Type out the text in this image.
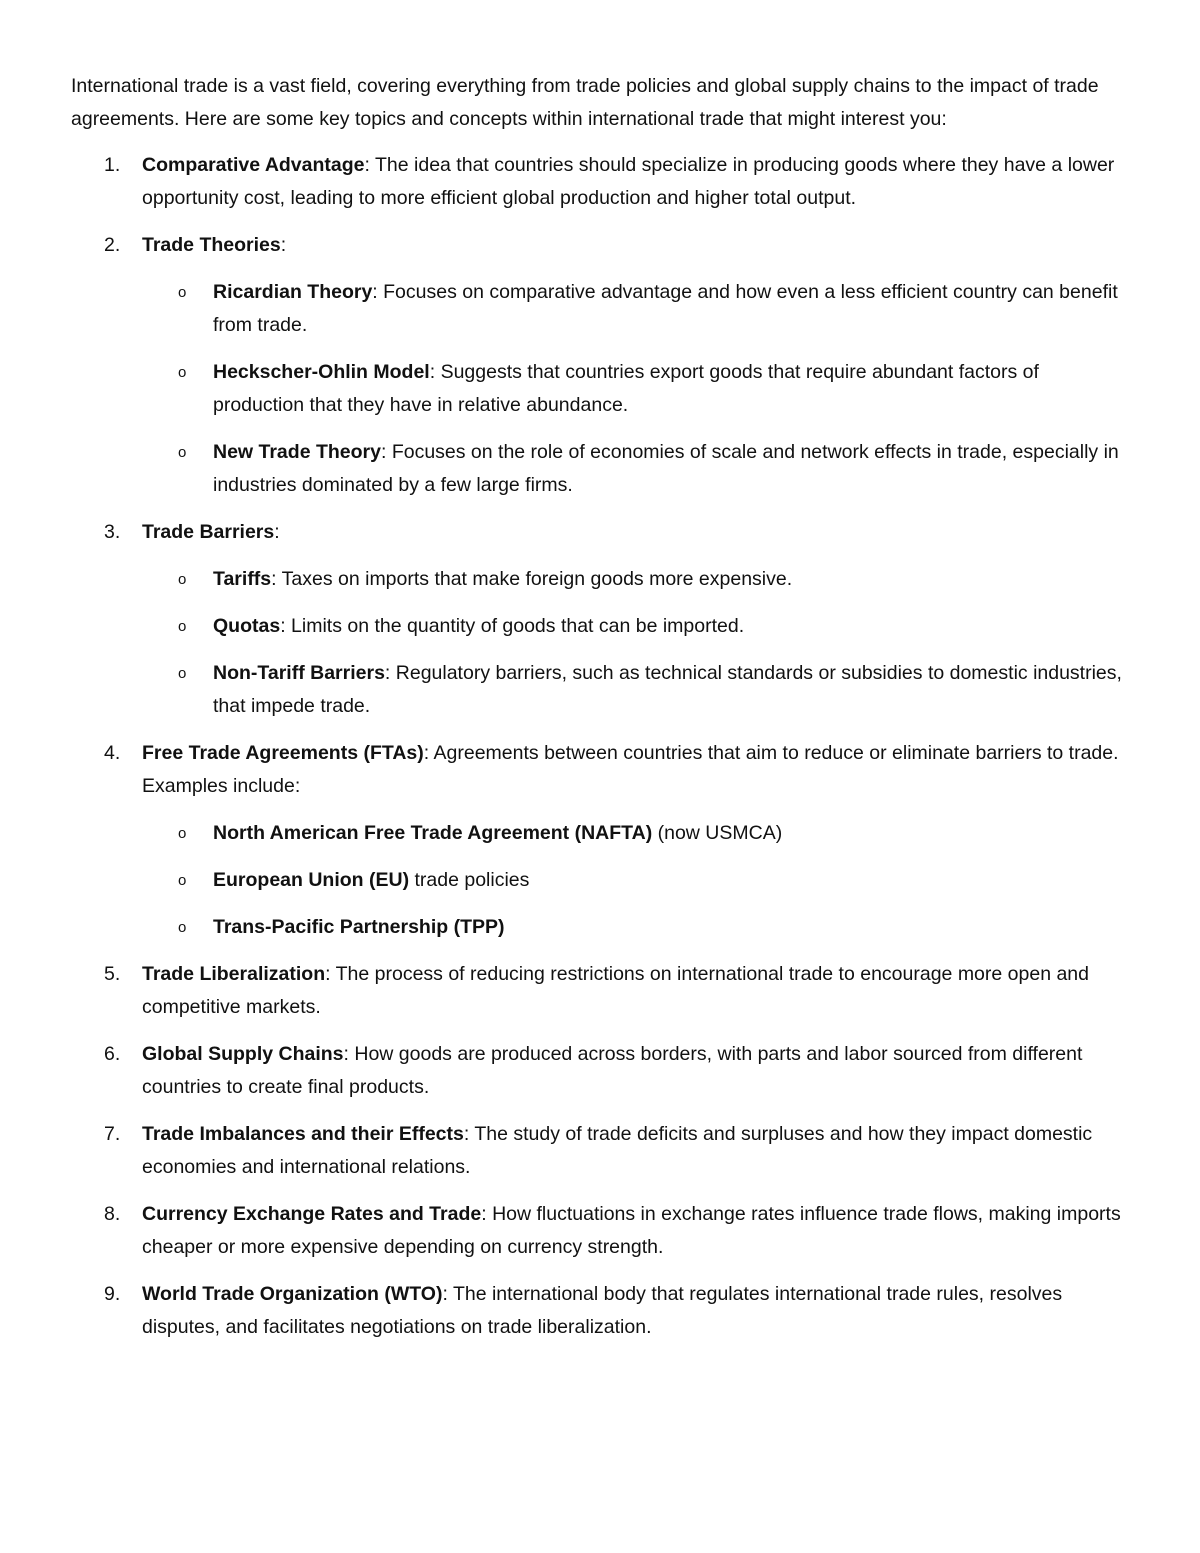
International trade is a vast field, covering everything from trade policies and global supply chains to the impact of trade agreements. Here are some key topics and concepts within international trade that might interest you:

1.	Comparative Advantage: The idea that countries should specialize in producing goods where they have a lower opportunity cost, leading to more efficient global production and higher total output.
2.	Trade Theories:
o Ricardian Theory: Focuses on comparative advantage and how even a less efficient country can benefit from trade.
o Heckscher-Ohlin Model: Suggests that countries export goods that require abundant factors of production that they have in relative abundance.
o New Trade Theory: Focuses on the role of economies of scale and network effects in trade, especially in industries dominated by a few large firms.
3.	Trade Barriers:
o Tariffs: Taxes on imports that make foreign goods more expensive.
o Quotas: Limits on the quantity of goods that can be imported.
o Non-Tariff Barriers: Regulatory barriers, such as technical standards or subsidies to domestic industries, that impede trade.
4.	Free Trade Agreements (FTAs): Agreements between countries that aim to reduce or eliminate barriers to trade. Examples include:
o North American Free Trade Agreement (NAFTA) (now USMCA)
o European Union (EU) trade policies
o Trans-Pacific Partnership (TPP)
5.	Trade Liberalization: The process of reducing restrictions on international trade to encourage more open and competitive markets.
6.	Global Supply Chains: How goods are produced across borders, with parts and labor sourced from different countries to create final products.
7.	Trade Imbalances and their Effects: The study of trade deficits and surpluses and how they impact domestic economies and international relations.
8.	Currency Exchange Rates and Trade: How fluctuations in exchange rates influence trade flows, making imports cheaper or more expensive depending on currency strength.
9.	World Trade Organization (WTO): The international body that regulates international trade rules, resolves disputes, and facilitates negotiations on trade liberalization.
